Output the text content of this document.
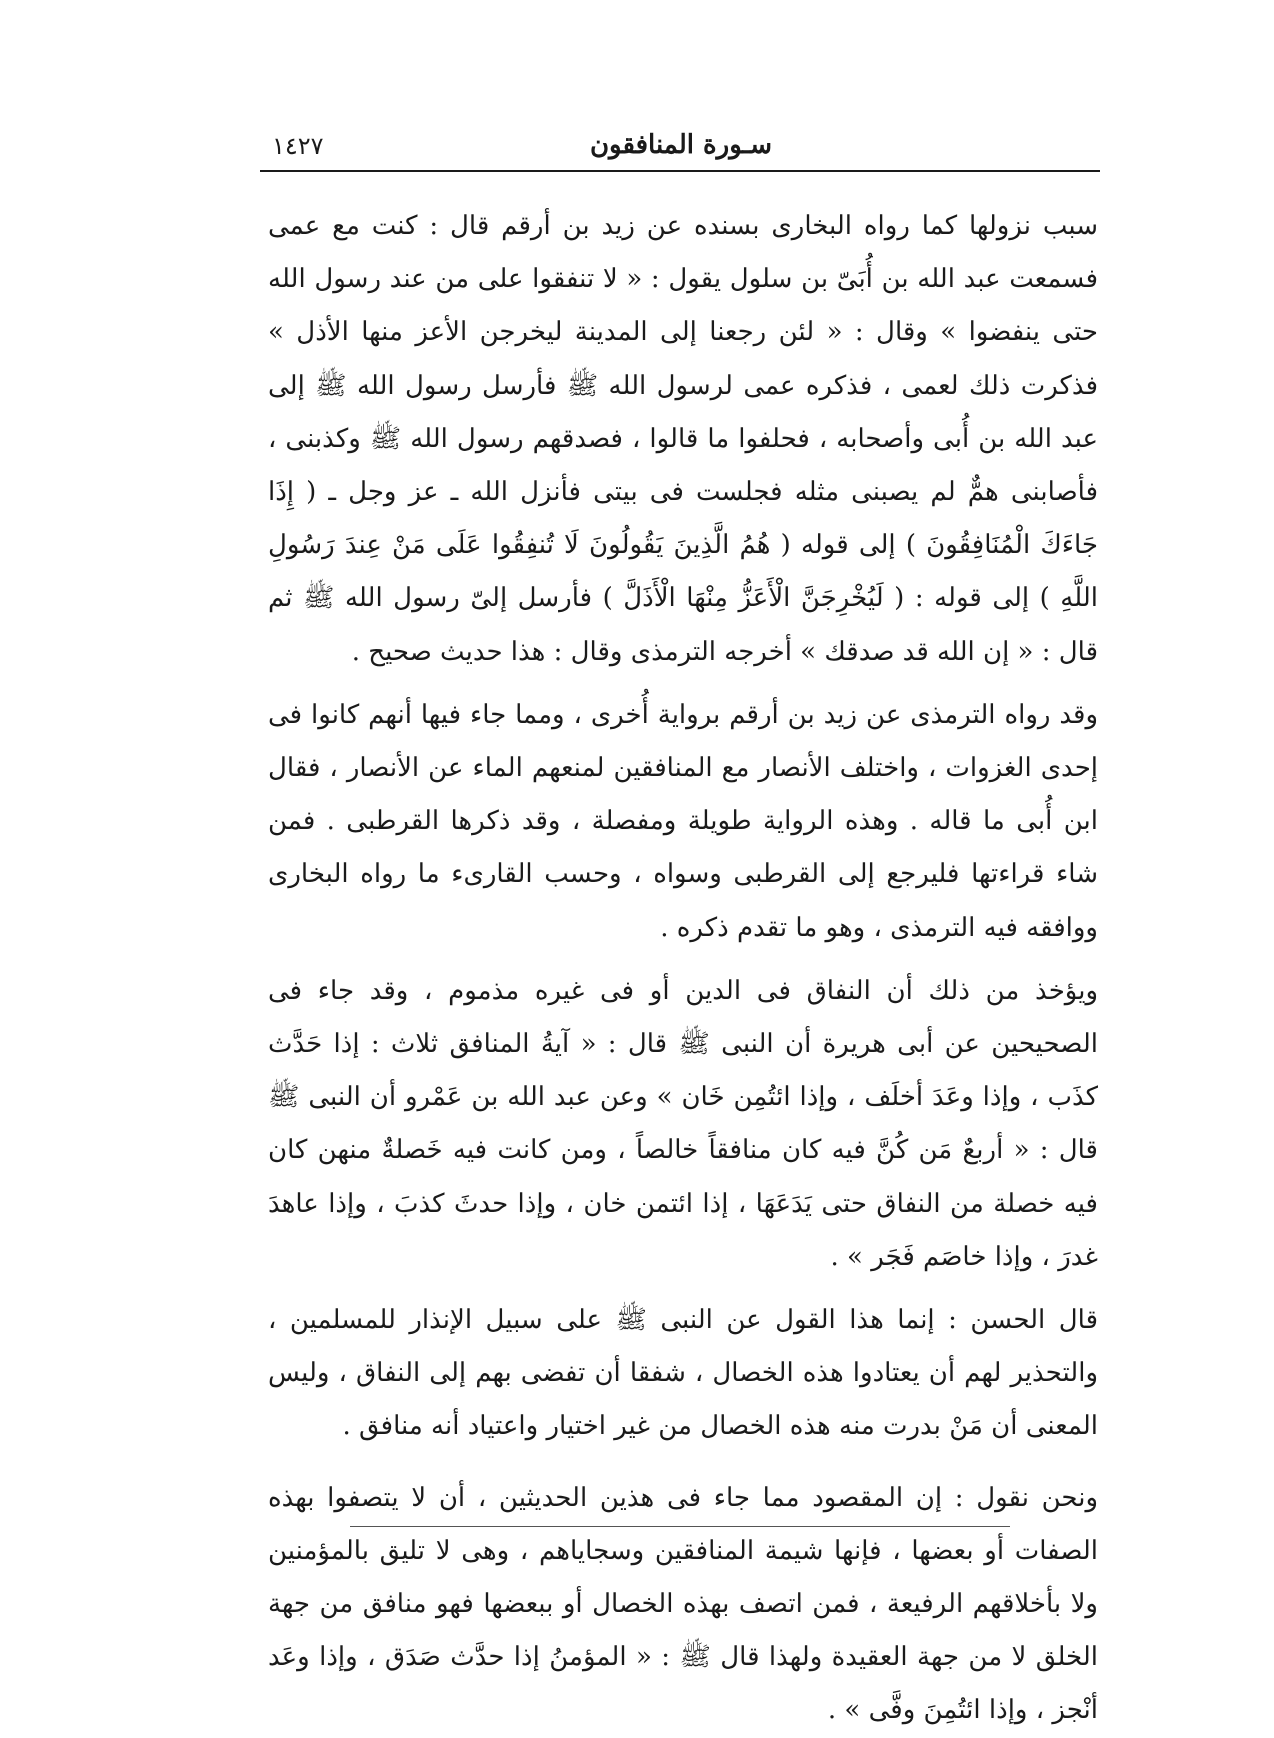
١٤٢٧	سـورة المنافقون

سبب نزولها كما رواه البخارى بسنده عن زيد بن أرقم قال : كنت مع عمى فسمعت عبد الله بن أُبَىّ بن سلول يقول : « لا تنفقوا على من عند رسول الله حتى ينفضوا » وقال : « لئن رجعنا إلى المدينة ليخرجن الأعز منها الأذل » فذكرت ذلك لعمى ، فذكره عمى لرسول الله ﷺ فأرسل رسول الله ﷺ إلى عبد الله بن أُبى وأصحابه ، فحلفوا ما قالوا ، فصدقهم رسول الله ﷺ وكذبنى ، فأصابنى همٌّ لم يصبنى مثله فجلست فى بيتى فأنزل الله ـ عز وجل ـ ( إِذَا جَاءَكَ الْمُنَافِقُونَ ) إلى قوله ( هُمُ الَّذِينَ يَقُولُونَ لَا تُنفِقُوا عَلَى مَنْ عِندَ رَسُولِ اللَّهِ ) إلى قوله : ( لَيُخْرِجَنَّ الْأَعَزُّ مِنْهَا الْأَذَلَّ ) فأرسل إلىّ رسول الله ﷺ ثم قال : « إن الله قد صدقك » أخرجه الترمذى وقال : هذا حديث صحيح .

وقد رواه الترمذى عن زيد بن أرقم برواية أُخرى ، ومما جاء فيها أنهم كانوا فى إحدى الغزوات ، واختلف الأنصار مع المنافقين لمنعهم الماء عن الأنصار ، فقال ابن أُبى ما قاله . وهذه الرواية طويلة ومفصلة ، وقد ذكرها القرطبى . فمن شاء قراءتها فليرجع إلى القرطبى وسواه ، وحسب القارىء ما رواه البخارى ووافقه فيه الترمذى ، وهو ما تقدم ذكره .

ويؤخذ من ذلك أن النفاق فى الدين أو فى غيره مذموم ، وقد جاء فى الصحيحين عن أبى هريرة أن النبى ﷺ قال : « آيةُ المنافق ثلاث : إذا حَدَّث كذَب ، وإذا وعَدَ أخلَف ، وإذا ائتُمِن خَان » وعن عبد الله بن عَمْرو أن النبى ﷺ قال : « أربعٌ مَن كُنَّ فيه كان منافقاً خالصاً ، ومن كانت فيه خَصلةٌ منهن كان فيه خصلة من النفاق حتى يَدَعَهَا ، إذا ائتمن خان ، وإذا حدثَ كذبَ ، وإذا عاهدَ غدرَ ، وإذا خاصَم فَجَر » .

قال الحسن : إنما هذا القول عن النبى ﷺ على سبيل الإنذار للمسلمين ، والتحذير لهم أن يعتادوا هذه الخصال ، شفقا أن تفضى بهم إلى النفاق ، وليس المعنى أن مَنْ بدرت منه هذه الخصال من غير اختيار واعتياد أنه منافق .

ونحن نقول : إن المقصود مما جاء فى هذين الحديثين ، أن لا يتصفوا بهذه الصفات أو بعضها ، فإنها شيمة المنافقين وسجاياهم ، وهى لا تليق بالمؤمنين ولا بأخلاقهم الرفيعة ، فمن اتصف بهذه الخصال أو ببعضها فهو منافق من جهة الخلق لا من جهة العقيدة ولهذا قال ﷺ : « المؤمنُ إذا حدَّث صَدَق ، وإذا وعَد أنْجز ، وإذا ائتُمِنَ وفَّى » .
